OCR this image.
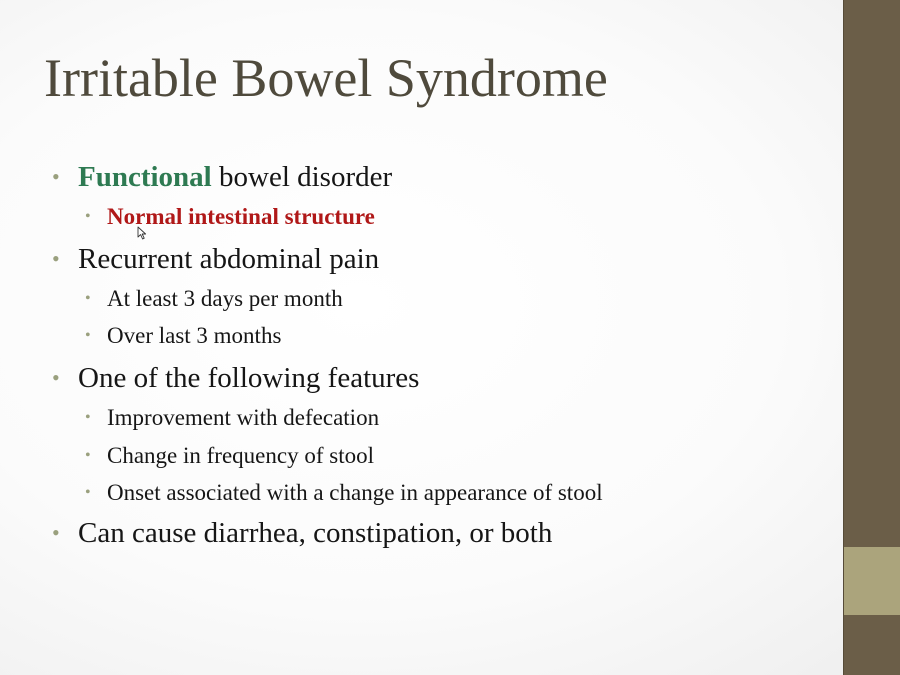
Irritable Bowel Syndrome
• Functional bowel disorder
• Normal intestinal structure
• Recurrent abdominal pain
• At least 3 days per month
• Over last 3 months
• One of the following features
• Improvement with defecation
• Change in frequency of stool
• Onset associated with a change in appearance of stool
• Can cause diarrhea, constipation, or both
